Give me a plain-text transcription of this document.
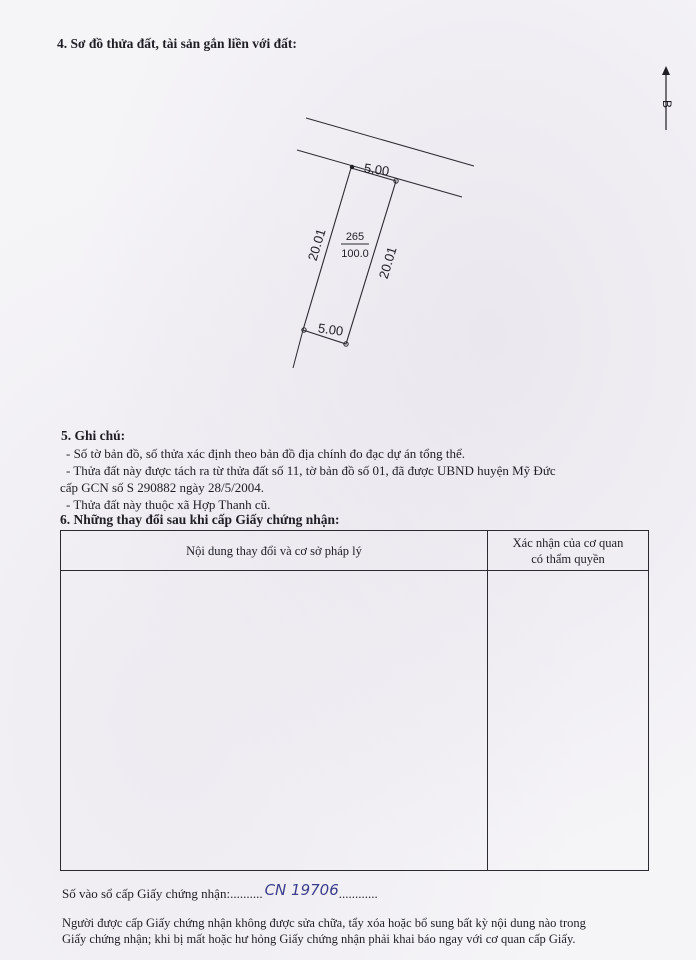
4. Sơ đồ thửa đất, tài sản gắn liền với đất:
5.00
5.00
20.01
20.01
265
100.0
B
5. Ghi chú:
- Số tờ bản đồ, số thửa xác định theo bản đồ địa chính đo đạc dự án tổng thể.
- Thửa đất này được tách ra từ thửa đất số 11, tờ bản đồ số 01, đã được UBND huyện Mỹ Đức
cấp GCN số S 290882 ngày 28/5/2004.
- Thửa đất này thuộc xã Hợp Thanh cũ.
6. Những thay đổi sau khi cấp Giấy chứng nhận:
Nội dung thay đổi và cơ sở pháp lý	Xác nhận của cơ quan
có thẩm quyền

Số vào sổ cấp Giấy chứng nhận:.......... CN 19706............
Người được cấp Giấy chứng nhận không được sửa chữa, tẩy xóa hoặc bổ sung bất kỳ nội dung nào trong
Giấy chứng nhận; khi bị mất hoặc hư hỏng Giấy chứng nhận phải khai báo ngay với cơ quan cấp Giấy.
